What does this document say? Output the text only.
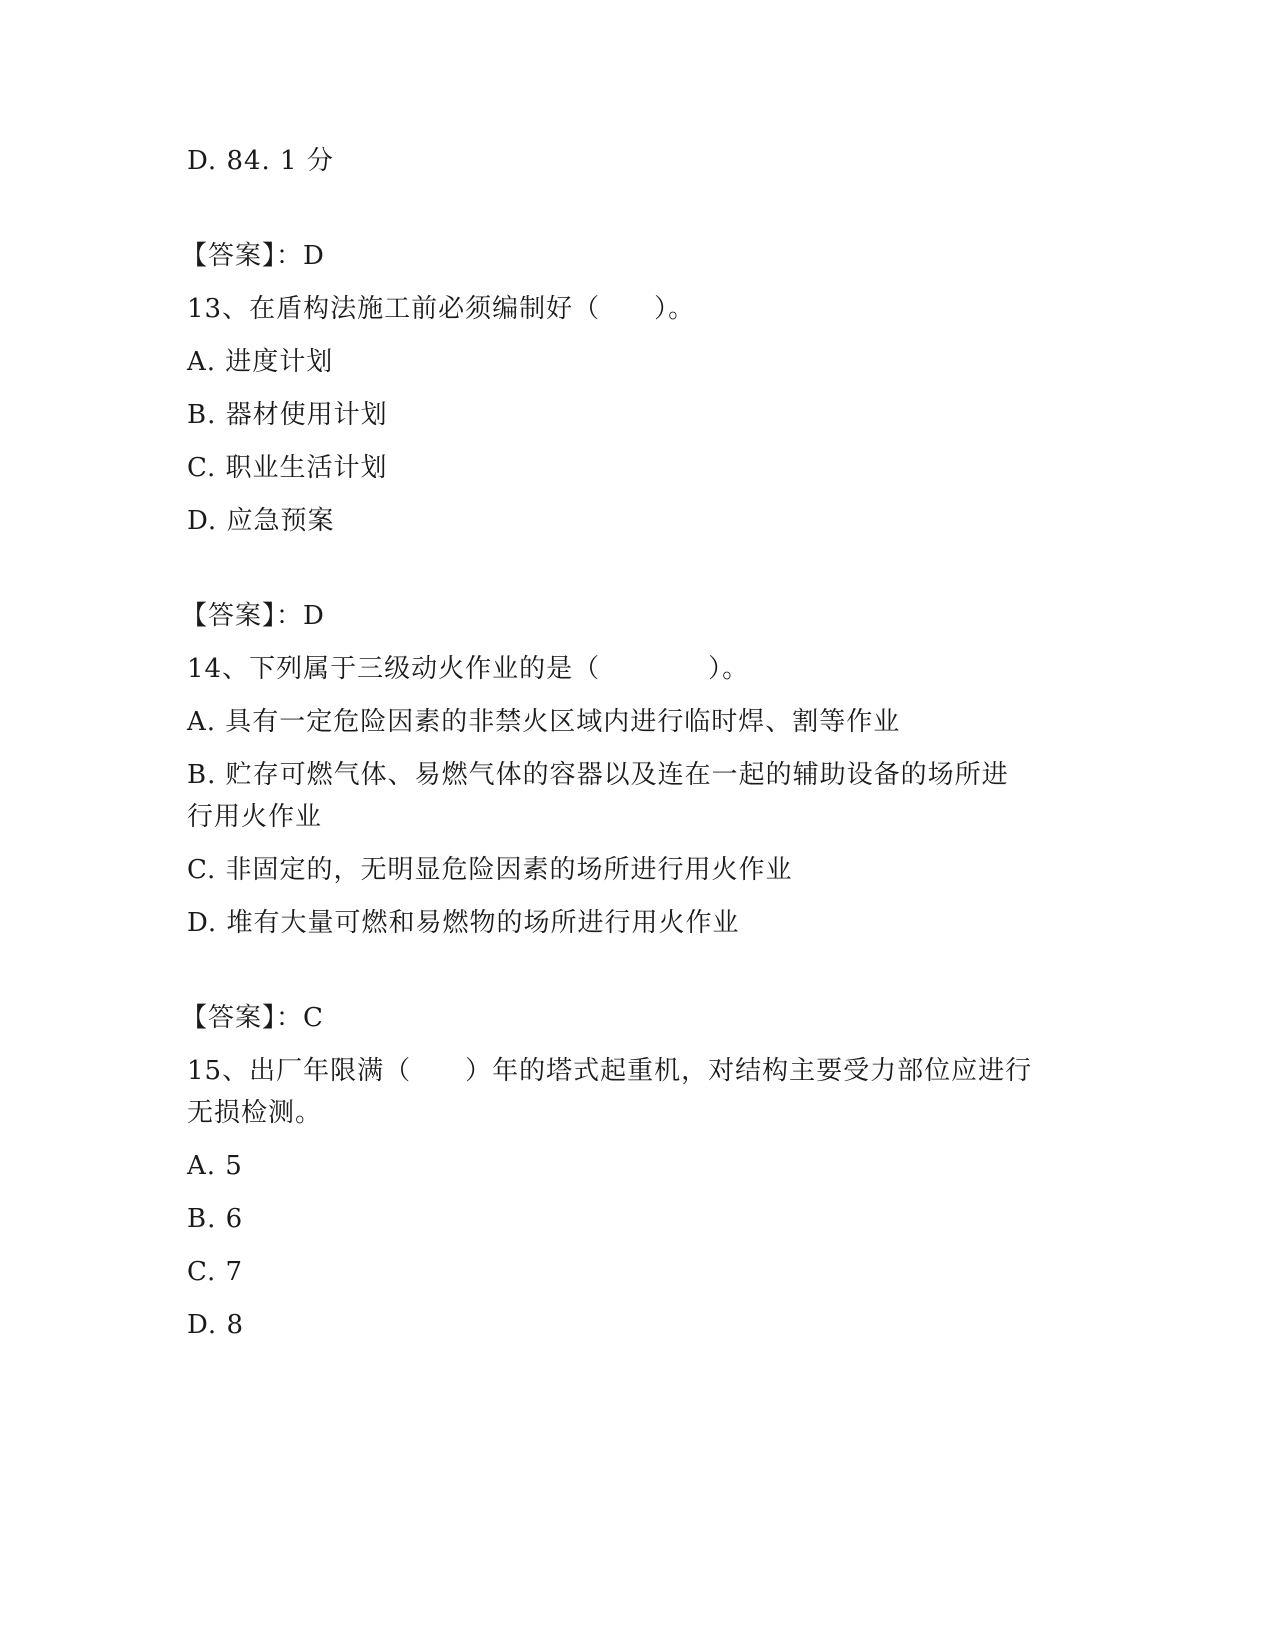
D. 84. 1 分
【答案】：D
13、在盾构法施工前必须编制好（　　）。
A. 进度计划
B. 器材使用计划
C. 职业生活计划
D. 应急预案
【答案】：D
14、下列属于三级动火作业的是（　　　　）。
A. 具有一定危险因素的非禁火区域内进行临时焊、割等作业
B. 贮存可燃气体、易燃气体的容器以及连在一起的辅助设备的场所进
行用火作业
C. 非固定的，无明显危险因素的场所进行用火作业
D. 堆有大量可燃和易燃物的场所进行用火作业
【答案】：C
15、出厂年限满（　　）年的塔式起重机，对结构主要受力部位应进行
无损检测。
A. 5
B. 6
C. 7
D. 8
